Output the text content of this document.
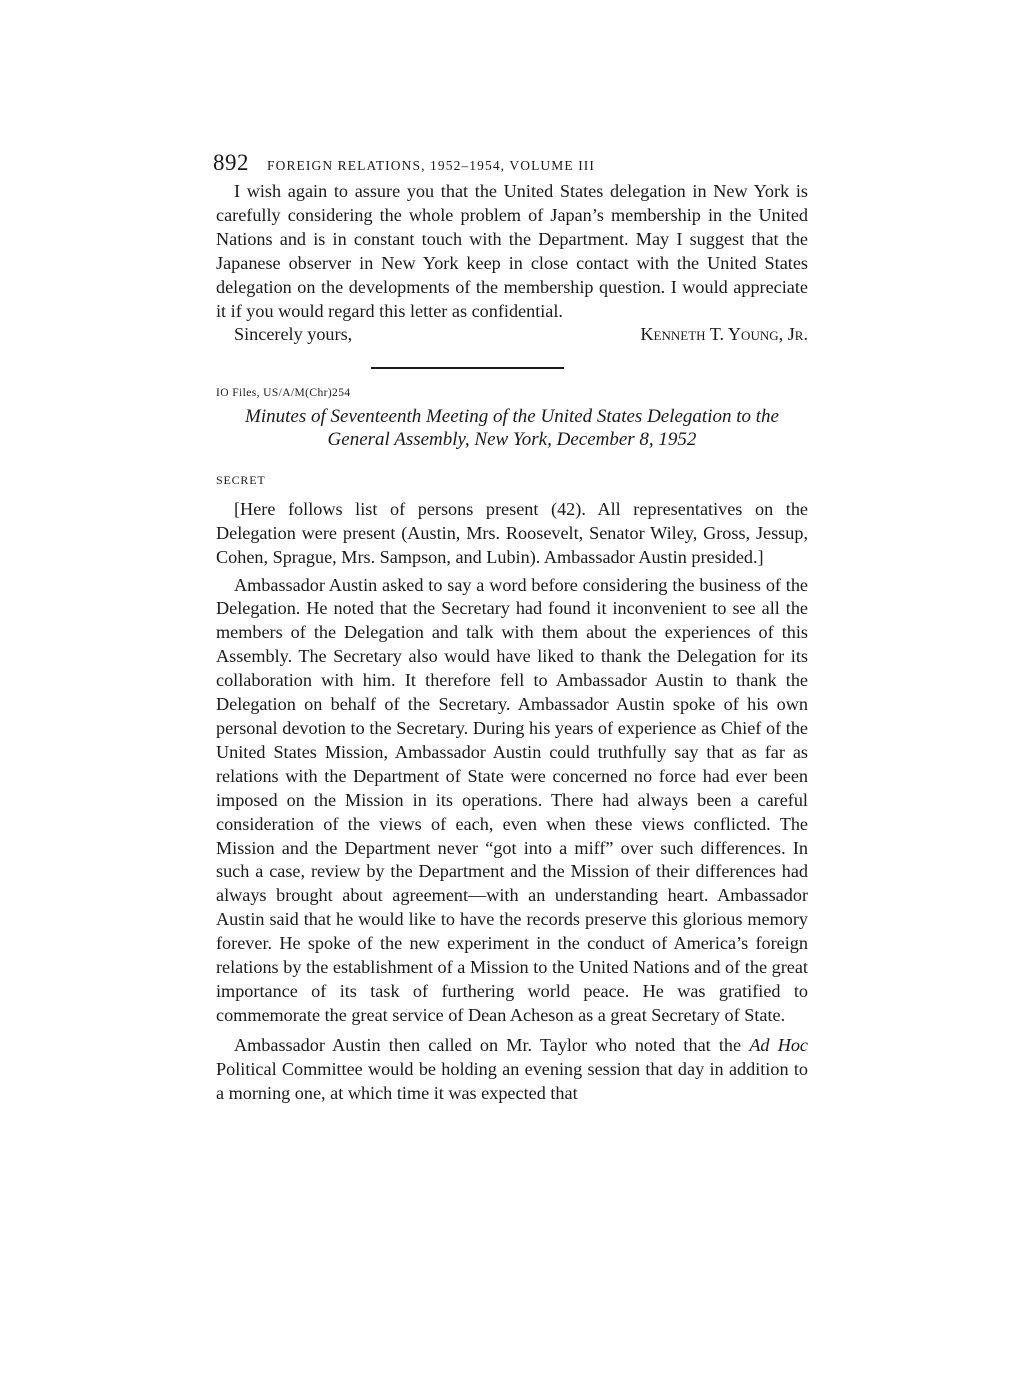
892 FOREIGN RELATIONS, 1952–1954, VOLUME III

I wish again to assure you that the United States delegation in New York is carefully considering the whole problem of Japan’s membership in the United Nations and is in constant touch with the Department. May I suggest that the Japanese observer in New York keep in close contact with the United States delegation on the developments of the membership question. I would appreciate it if you would regard this letter as confidential.

Sincerely yours,	Kenneth T. Young, Jr.
IO Files, US/A/M(Chr)254
Minutes of Seventeenth Meeting of the United States Delegation to the General Assembly, New York, December 8, 1952
SECRET

[Here follows list of persons present (42). All representatives on the Delegation were present (Austin, Mrs. Roosevelt, Senator Wiley, Gross, Jessup, Cohen, Sprague, Mrs. Sampson, and Lubin). Ambassador Austin presided.]

Ambassador Austin asked to say a word before considering the business of the Delegation. He noted that the Secretary had found it inconvenient to see all the members of the Delegation and talk with them about the experiences of this Assembly. The Secretary also would have liked to thank the Delegation for its collaboration with him. It therefore fell to Ambassador Austin to thank the Delegation on behalf of the Secretary. Ambassador Austin spoke of his own personal devotion to the Secretary. During his years of experience as Chief of the United States Mission, Ambassador Austin could truthfully say that as far as relations with the Department of State were concerned no force had ever been imposed on the Mission in its operations. There had always been a careful consideration of the views of each, even when these views conflicted. The Mission and the Department never “got into a miff” over such differences. In such a case, review by the Department and the Mission of their differences had always brought about agreement—with an understanding heart. Ambassador Austin said that he would like to have the records preserve this glorious memory forever. He spoke of the new experiment in the conduct of America’s foreign relations by the establishment of a Mission to the United Nations and of the great importance of its task of furthering world peace. He was gratified to commemorate the great service of Dean Acheson as a great Secretary of State.

Ambassador Austin then called on Mr. Taylor who noted that the Ad Hoc Political Committee would be holding an evening session that day in addition to a morning one, at which time it was expected that
